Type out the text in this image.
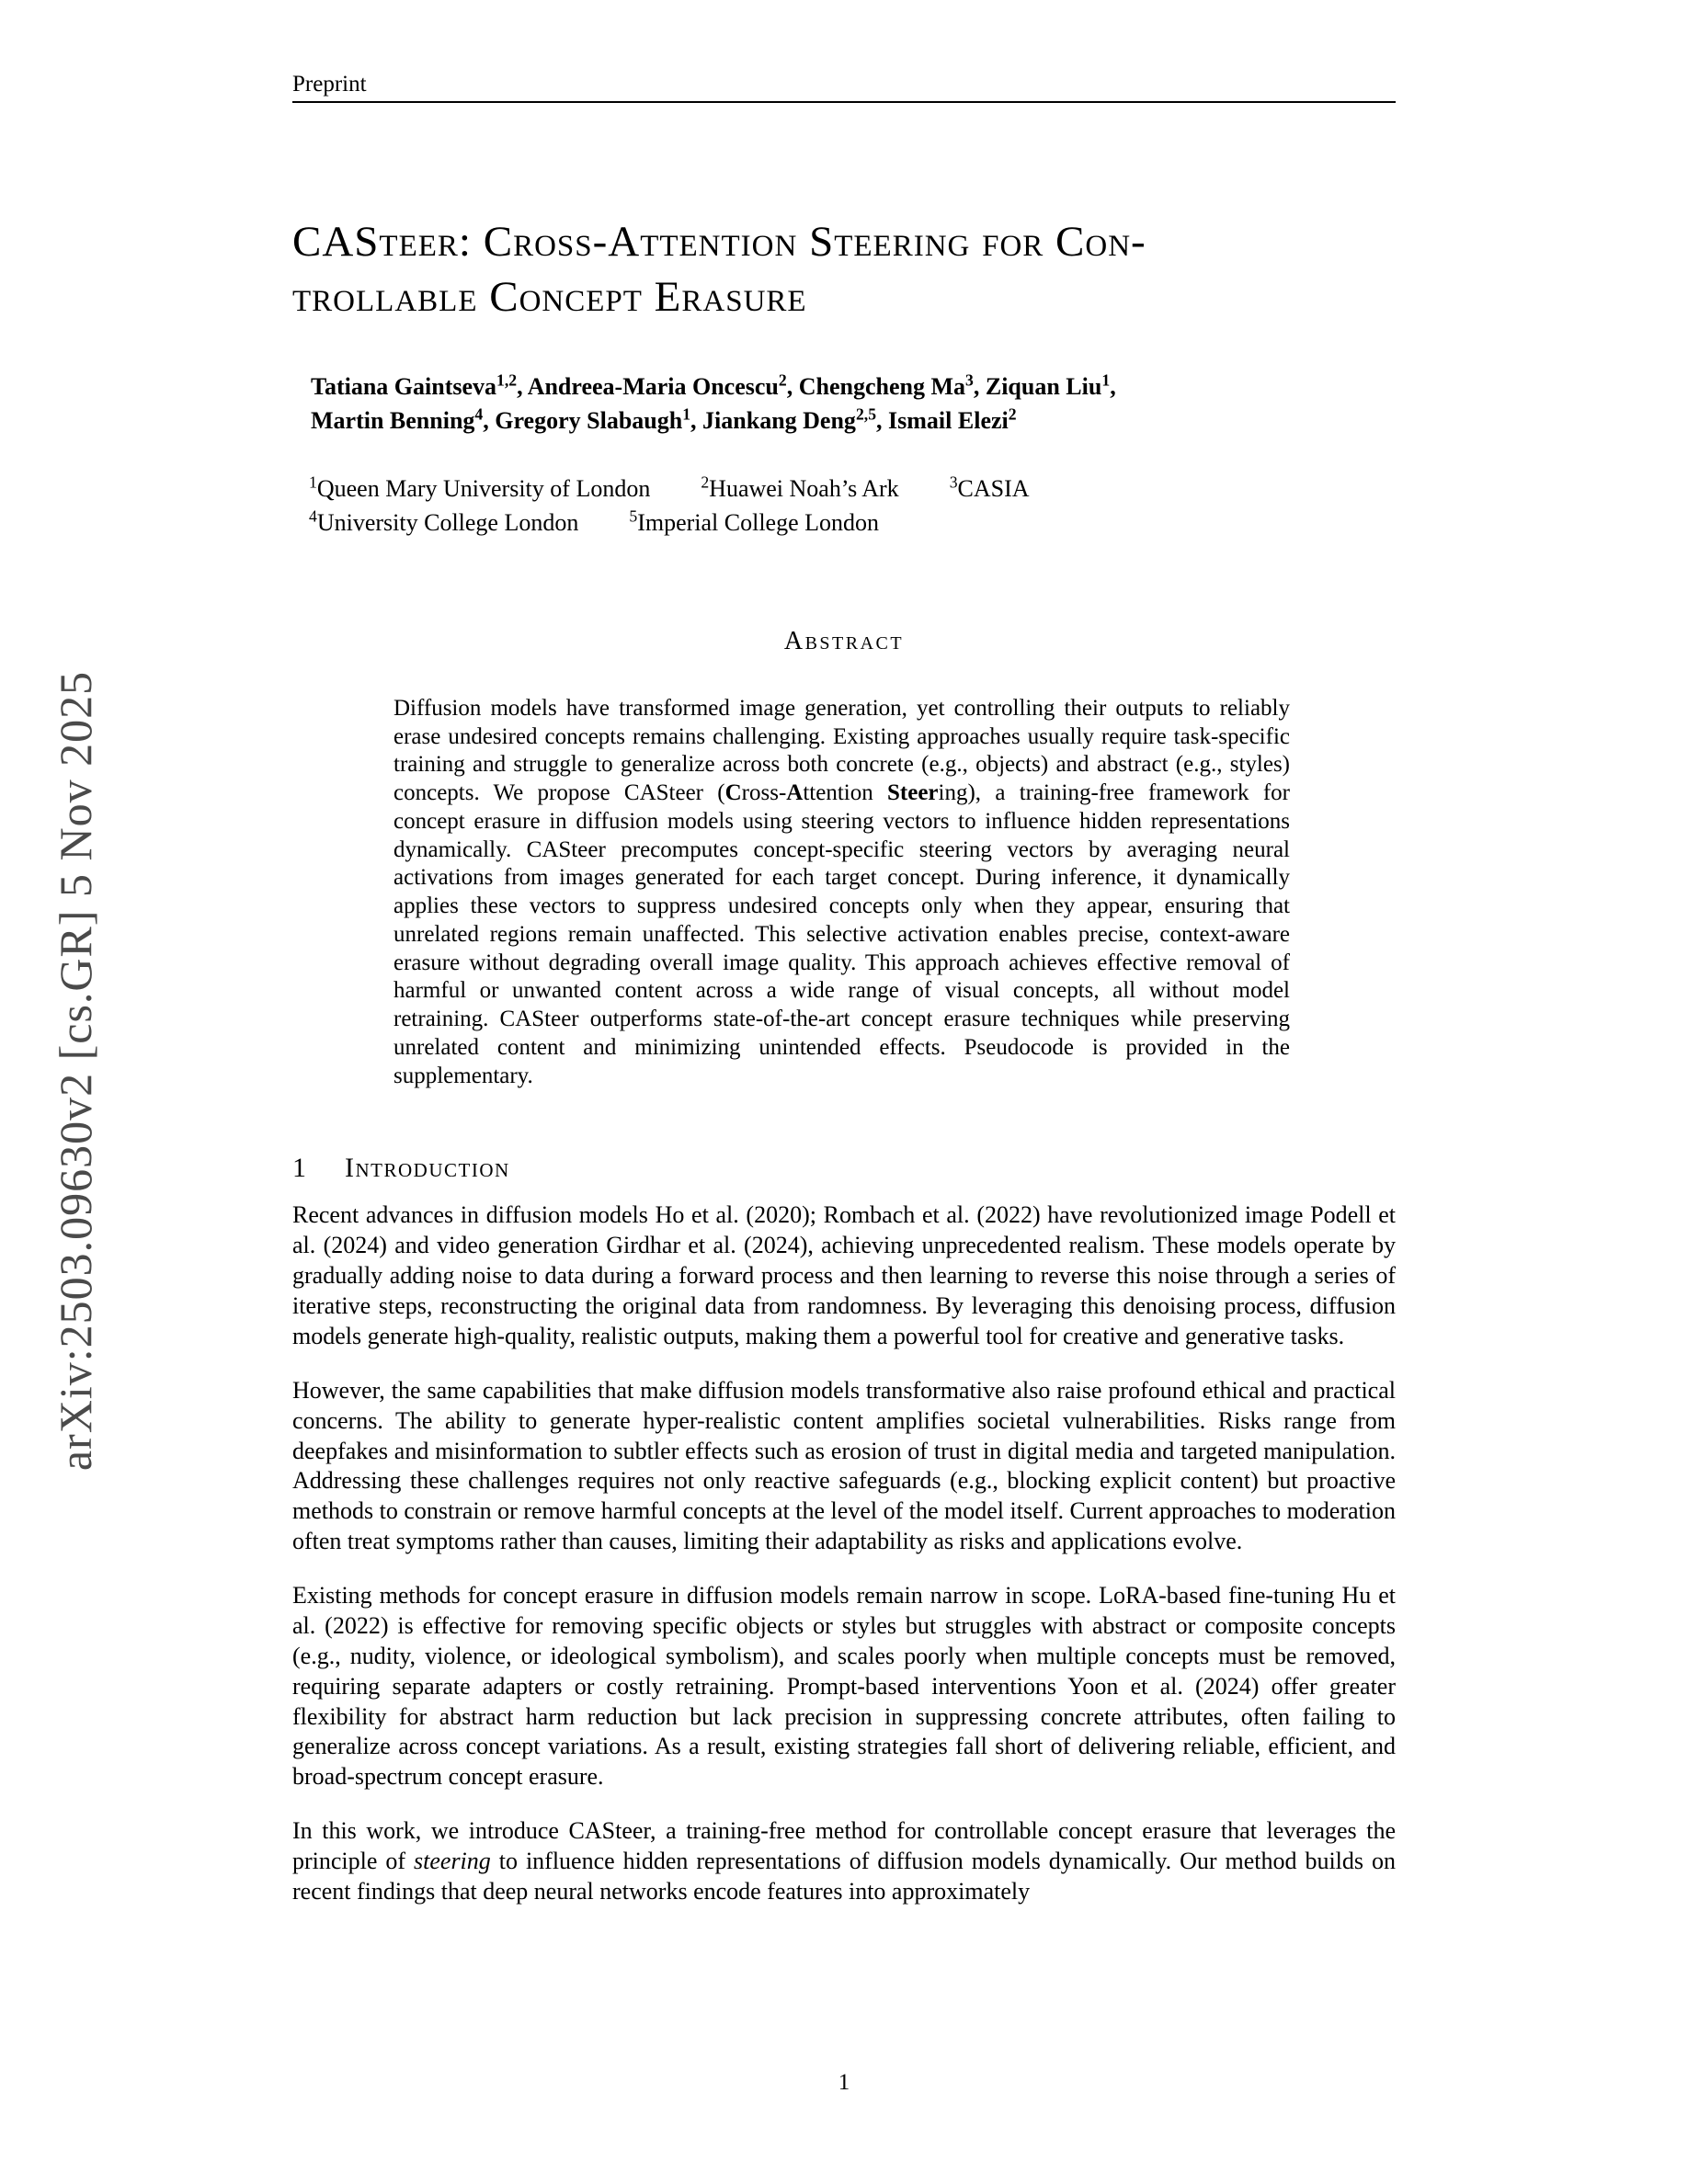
arXiv:2503.09630v2 [cs.GR] 5 Nov 2025
Preprint
CASteer: Cross-Attention Steering for Con-
trollable Concept Erasure
Tatiana Gaintseva$^{1,2}$, Andreea-Maria Oncescu$^2$, Chengcheng Ma$^3$, Ziquan Liu$^1$,
Martin Benning$^4$, Gregory Slabaugh$^1$, Jiankang Deng$^{2,5}$, Ismail Elezi$^2$
$^1$Queen Mary University of London	$^2$Huawei Noah’s Ark	$^3$CASIA
$^4$University College London	$^5$Imperial College London
Abstract
Diffusion models have transformed image generation, yet controlling their outputs to reliably erase undesired concepts remains challenging. Existing approaches usually require task-specific training and struggle to generalize across both concrete (e.g., objects) and abstract (e.g., styles) concepts. We propose CASteer (Cross-Attention Steering), a training-free framework for concept erasure in diffusion models using steering vectors to influence hidden representations dynamically. CASteer precomputes concept-specific steering vectors by averaging neural activations from images generated for each target concept. During inference, it dynamically applies these vectors to suppress undesired concepts only when they appear, ensuring that unrelated regions remain unaffected. This selective activation enables precise, context-aware erasure without degrading overall image quality. This approach achieves effective removal of harmful or unwanted content across a wide range of visual concepts, all without model retraining. CASteer outperforms state-of-the-art concept erasure techniques while preserving unrelated content and minimizing unintended effects. Pseudocode is provided in the supplementary.
1 Introduction

Recent advances in diffusion models Ho et al. (2020); Rombach et al. (2022) have revolutionized image Podell et al. (2024) and video generation Girdhar et al. (2024), achieving unprecedented realism. These models operate by gradually adding noise to data during a forward process and then learning to reverse this noise through a series of iterative steps, reconstructing the original data from randomness. By leveraging this denoising process, diffusion models generate high-quality, realistic outputs, making them a powerful tool for creative and generative tasks.

However, the same capabilities that make diffusion models transformative also raise profound ethical and practical concerns. The ability to generate hyper-realistic content amplifies societal vulnerabilities. Risks range from deepfakes and misinformation to subtler effects such as erosion of trust in digital media and targeted manipulation. Addressing these challenges requires not only reactive safeguards (e.g., blocking explicit content) but proactive methods to constrain or remove harmful concepts at the level of the model itself. Current approaches to moderation often treat symptoms rather than causes, limiting their adaptability as risks and applications evolve.

Existing methods for concept erasure in diffusion models remain narrow in scope. LoRA-based fine-tuning Hu et al. (2022) is effective for removing specific objects or styles but struggles with abstract or composite concepts (e.g., nudity, violence, or ideological symbolism), and scales poorly when multiple concepts must be removed, requiring separate adapters or costly retraining. Prompt-based interventions Yoon et al. (2024) offer greater flexibility for abstract harm reduction but lack precision in suppressing concrete attributes, often failing to generalize across concept variations. As a result, existing strategies fall short of delivering reliable, efficient, and broad-spectrum concept erasure.

In this work, we introduce CASteer, a training-free method for controllable concept erasure that leverages the principle of steering to influence hidden representations of diffusion models dynamically. Our method builds on recent findings that deep neural networks encode features into approximately

1
